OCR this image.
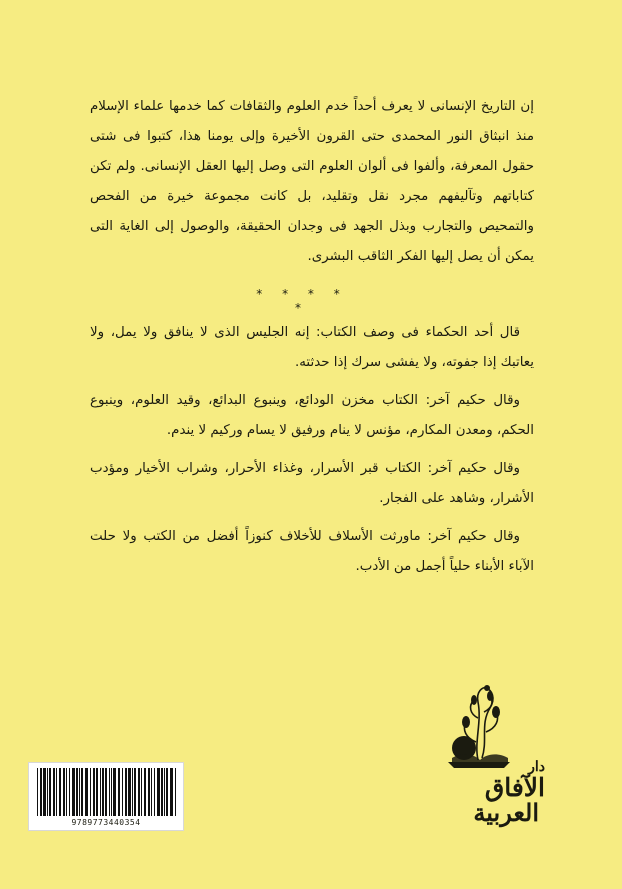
إن التاريخ الإنسانى لا يعرف أحداً خدم العلوم والثقافات كما خدمها علماء الإسلام منذ انبثاق النور المحمدى حتى القرون الأخيرة وإلى يومنا هذا، كتبوا فى شتى حقول المعرفة، وألفوا فى ألوان العلوم التى وصل إليها العقل الإنسانى. ولم تكن كتاباتهم وتآليفهم مجرد نقل وتقليد، بل كانت مجموعة خيرة من الفحص والتمحيص والتجارب وبذل الجهد فى وجدان الحقيقة، والوصول إلى الغاية التى يمكن أن يصل إليها الفكر الثاقب البشرى.

* * * * *

قال أحد الحكماء فى وصف الكتاب: إنه الجليس الذى لا ينافق ولا يمل، ولا يعاتبك إذا جفوته، ولا يفشى سرك إذا حدثته.

وقال حكيم آخر: الكتاب مخزن الودائع، وينبوع البدائع، وقيد العلوم، وينبوع الحكم، ومعدن المكارم، مؤنس لا ينام ورفيق لا يسام وركيم لا يندم.

وقال حكيم آخر: الكتاب قبر الأسرار، وغذاء الأحرار، وشراب الأخيار ومؤدب الأشرار، وشاهد على الفجار.

وقال حكيم آخر: ماورثت الأسلاف للأخلاف كنوزاً أفضل من الكتب ولا حلت الآباء الأبناء حلياً أجمل من الأدب.

9789773440354
دار
الآفاق
العربية
